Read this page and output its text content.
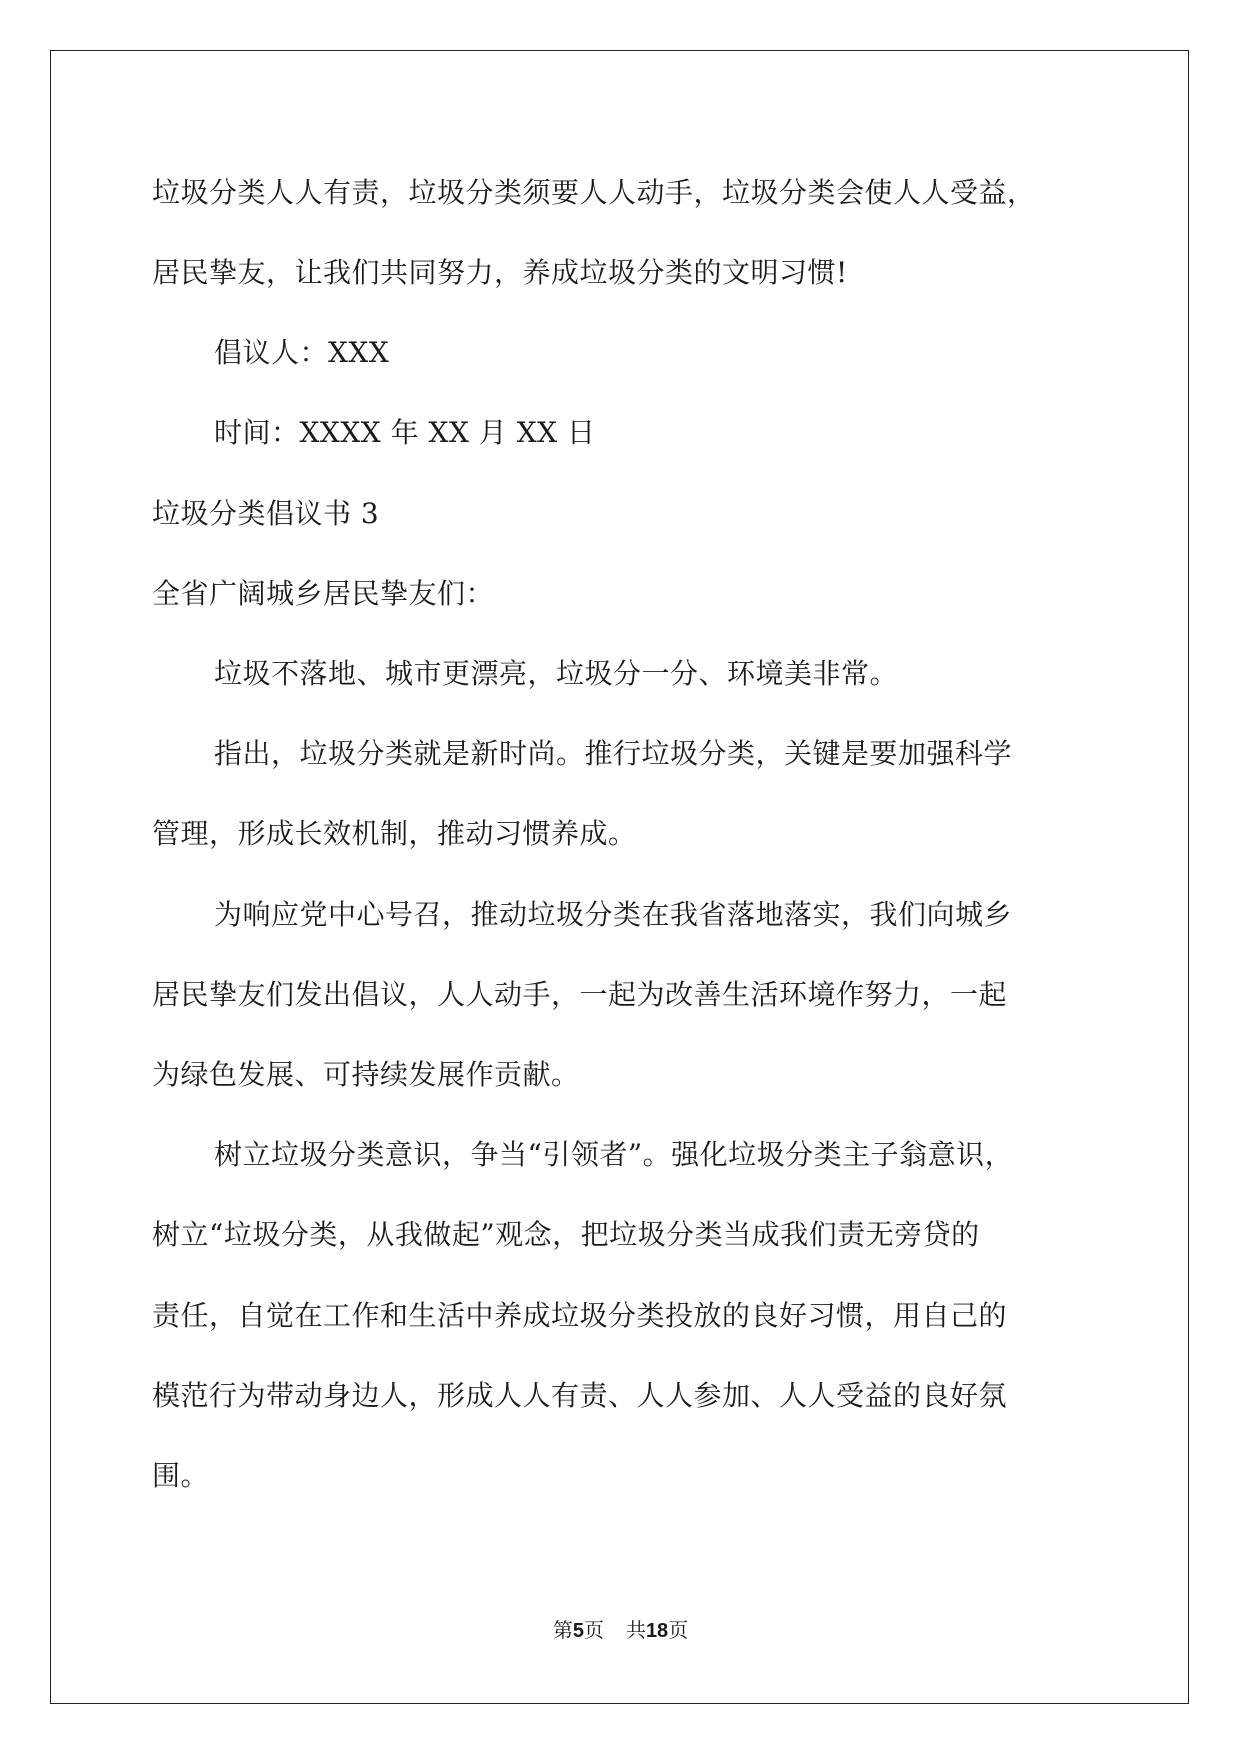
垃圾分类人人有责，垃圾分类须要人人动手，垃圾分类会使人人受益，
居民挚友，让我们共同努力，养成垃圾分类的文明习惯!
倡议人：XXX
时间：XXXX 年 XX 月 XX 日
垃圾分类倡议书 3
全省广阔城乡居民挚友们：
垃圾不落地、城市更漂亮，垃圾分一分、环境美非常。
指出，垃圾分类就是新时尚。推行垃圾分类，关键是要加强科学
管理，形成长效机制，推动习惯养成。
为响应党中心号召，推动垃圾分类在我省落地落实，我们向城乡
居民挚友们发出倡议，人人动手，一起为改善生活环境作努力，一起
为绿色发展、可持续发展作贡献。
树立垃圾分类意识，争当“引领者”。强化垃圾分类主子翁意识，
树立“垃圾分类，从我做起”观念，把垃圾分类当成我们责无旁贷的
责任，自觉在工作和生活中养成垃圾分类投放的良好习惯，用自己的
模范行为带动身边人，形成人人有责、人人参加、人人受益的良好氛
围。
第5页 共18页
